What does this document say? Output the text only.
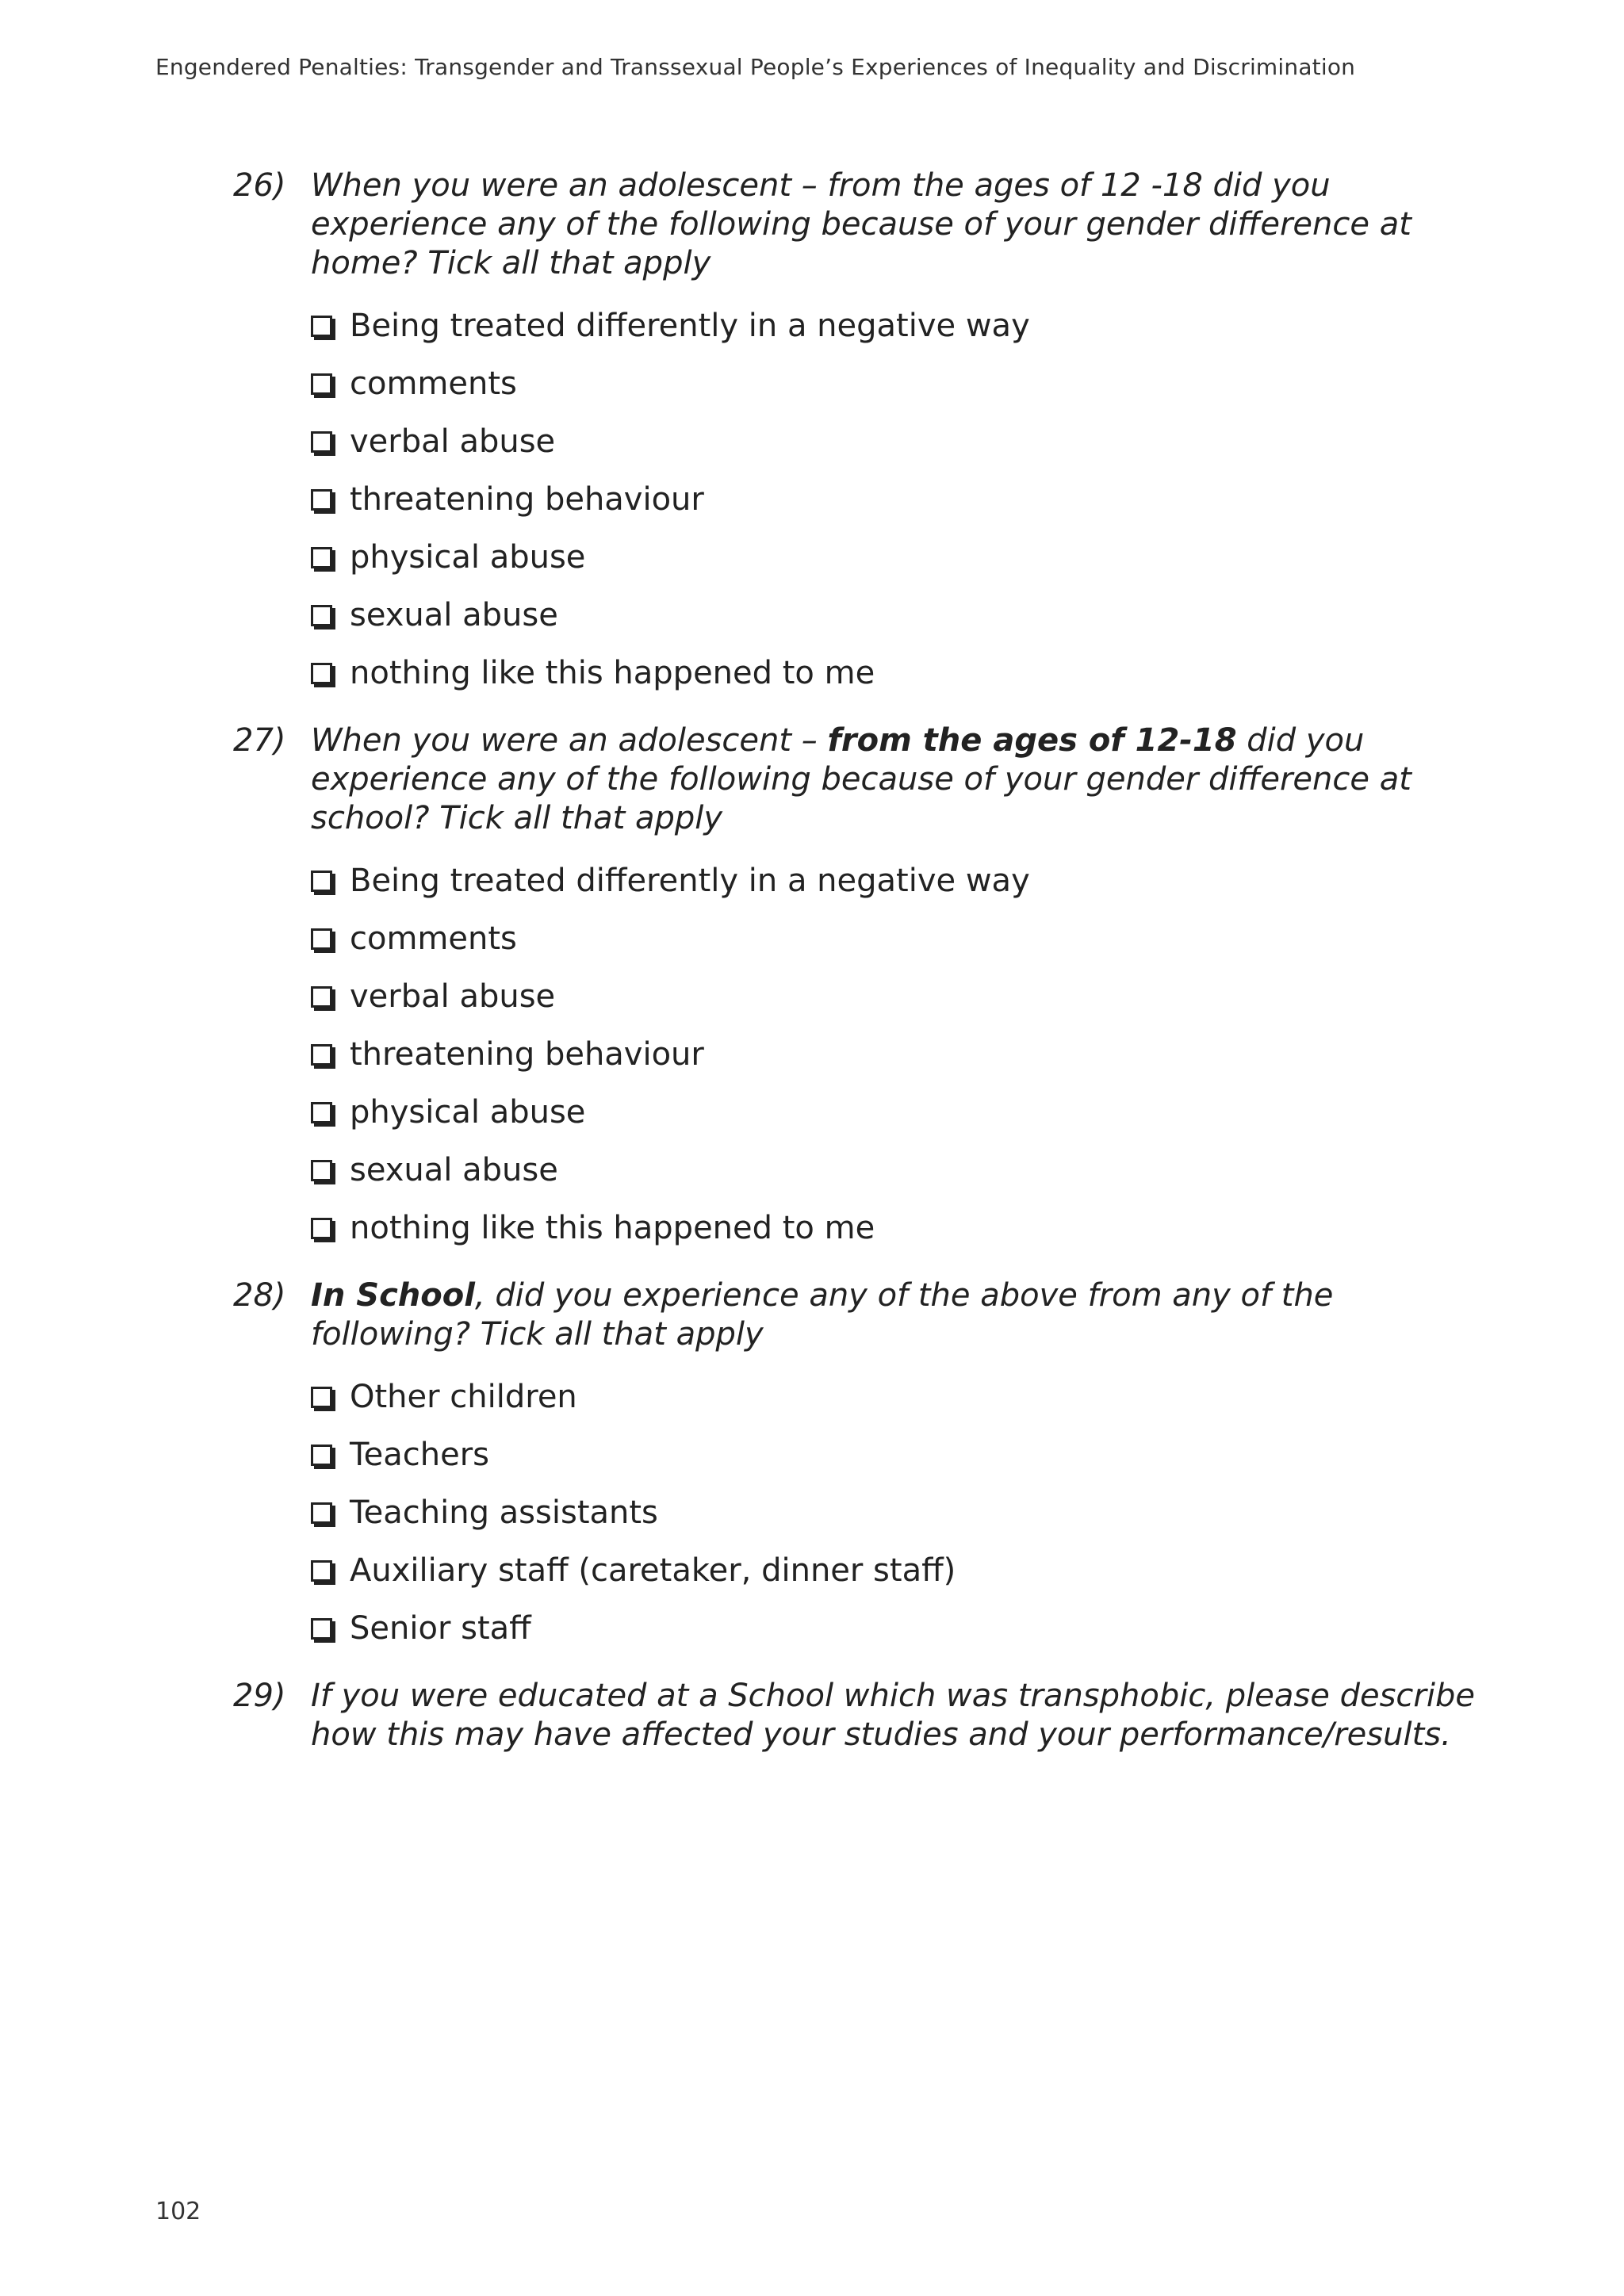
Engendered Penalties: Transgender and Transsexual People’s Experiences of Inequality and Discrimination
26) When you were an adolescent – from the ages of 12 -18 did you experience any of the following because of your gender difference at home? Tick all that apply
Being treated differently in a negative way
comments
verbal abuse
threatening behaviour
physical abuse
sexual abuse
nothing like this happened to me
27) When you were an adolescent – from the ages of 12-18 did you experience any of the following because of your gender difference at school? Tick all that apply
Being treated differently in a negative way
comments
verbal abuse
threatening behaviour
physical abuse
sexual abuse
nothing like this happened to me
28) In School, did you experience any of the above from any of the following? Tick all that apply
Other children
Teachers
Teaching assistants
Auxiliary staff (caretaker, dinner staff)
Senior staff
29) If you were educated at a School which was transphobic, please describe how this may have affected your studies and your performance/results.
102
